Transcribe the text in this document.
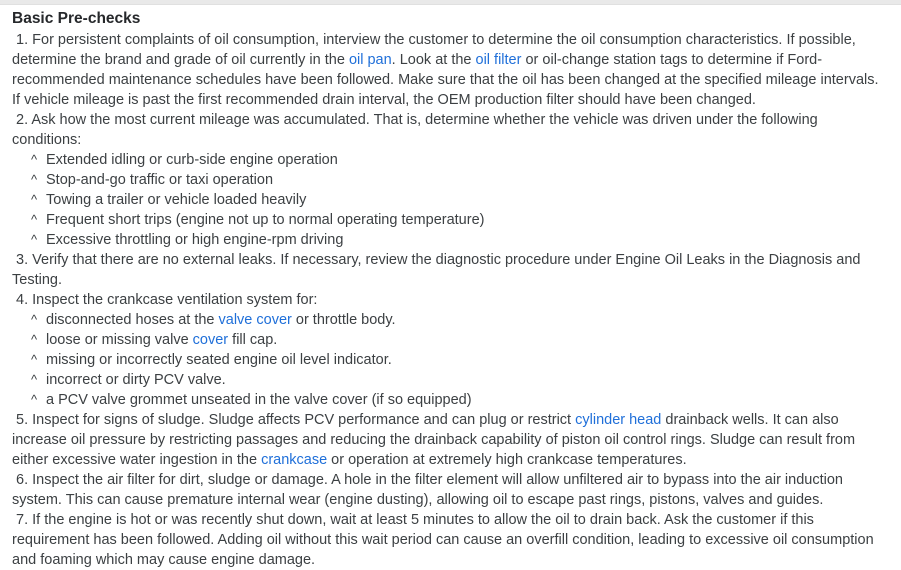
Basic Pre-checks

1. For persistent complaints of oil consumption, interview the customer to determine the oil consumption characteristics. If possible, determine the brand and grade of oil currently in the oil pan. Look at the oil filter or oil-change station tags to determine if Ford-recommended maintenance schedules have been followed. Make sure that the oil has been changed at the specified mileage intervals. If vehicle mileage is past the first recommended drain interval, the OEM production filter should have been changed.

2. Ask how the most current mileage was accumulated. That is, determine whether the vehicle was driven under the following conditions:

^ Extended idling or curb-side engine operation
^ Stop-and-go traffic or taxi operation
^ Towing a trailer or vehicle loaded heavily
^ Frequent short trips (engine not up to normal operating temperature)
^ Excessive throttling or high engine-rpm driving

3. Verify that there are no external leaks. If necessary, review the diagnostic procedure under Engine Oil Leaks in the Diagnosis and Testing.

4. Inspect the crankcase ventilation system for:

^ disconnected hoses at the valve cover or throttle body.
^ loose or missing valve cover fill cap.
^ missing or incorrectly seated engine oil level indicator.
^ incorrect or dirty PCV valve.
^ a PCV valve grommet unseated in the valve cover (if so equipped)

5. Inspect for signs of sludge. Sludge affects PCV performance and can plug or restrict cylinder head drainback wells. It can also increase oil pressure by restricting passages and reducing the drainback capability of piston oil control rings. Sludge can result from either excessive water ingestion in the crankcase or operation at extremely high crankcase temperatures.

6. Inspect the air filter for dirt, sludge or damage. A hole in the filter element will allow unfiltered air to bypass into the air induction system. This can cause premature internal wear (engine dusting), allowing oil to escape past rings, pistons, valves and guides.

7. If the engine is hot or was recently shut down, wait at least 5 minutes to allow the oil to drain back. Ask the customer if this requirement has been followed. Adding oil without this wait period can cause an overfill condition, leading to excessive oil consumption and foaming which may cause engine damage.
